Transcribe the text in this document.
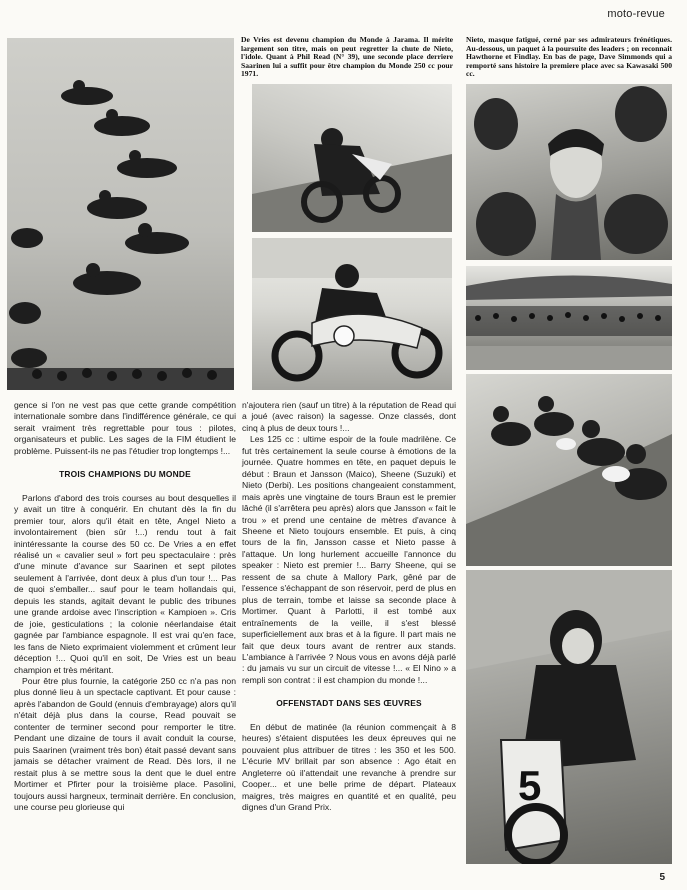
moto-revue
5
De Vries est devenu champion du Monde à Jarama. Il mérite largement son titre, mais on peut regretter la chute de Nieto, l'idole. Quant à Phil Read (N° 39), une seconde place derriere Saarinen lui a suffit pour être champion du Monde 250 cc pour 1971.
Nieto, masque fatigué, cerné par ses admirateurs frénétiques. Au-dessous, un paquet à la poursuite des leaders ; on reconnait Hawthorne et Findlay. En bas de page, Dave Simmonds qui a remporté sans histoire la premiere place avec sa Kawasaki 500 cc.
5

gence si l'on ne vest pas que cette grande compétition internationale sombre dans l'indifférence générale, ce qui serait vraiment très regrettable pour tous : pilotes, organisateurs et public. Les sages de la FIM étudient le problème. Puissent-ils ne pas l'étudier trop longtemps !...

TROIS CHAMPIONS DU MONDE

Parlons d'abord des trois courses au bout desquelles il y avait un titre à conquérir. En chutant dès la fin du premier tour, alors qu'il était en tête, Angel Nieto a involontairement (bien sûr !...) rendu tout à fait inintéressante la course des 50 cc. De Vries a en effet réalisé un « cavalier seul » fort peu spectaculaire : près d'une minute d'avance sur Saarinen et sept pilotes seulement à l'arrivée, dont deux à plus d'un tour !... Pas de quoi s'emballer... sauf pour le team hollandais qui, depuis les stands, agitait devant le public des tribunes une grande ardoise avec l'inscription « Kampioen ». Cris de joie, gesticulations ; la colonie néerlandaise était gagnée par l'ambiance espagnole. Il est vrai qu'en face, les fans de Nieto exprimaient violemment et crûment leur déception !... Quoi qu'il en soit, De Vries est un beau champion et très méritant.

Pour être plus fournie, la catégorie 250 cc n'a pas non plus donné lieu à un spectacle captivant. Et pour cause : après l'abandon de Gould (ennuis d'embrayage) alors qu'il n'était déjà plus dans la course, Read pouvait se contenter de terminer second pour remporter le titre. Pendant une dizaine de tours il avait conduit la course, puis Saarinen (vraiment très bon) était passé devant sans jamais se détacher vraiment de Read. Dès lors, il ne restait plus à se mettre sous la dent que le duel entre Mortimer et Pfirter pour la troisième place. Pasolini, toujours aussi hargneux, terminait derrière. En conclusion, une course peu glorieuse qui

n'ajoutera rien (sauf un titre) à la réputation de Read qui a joué (avec raison) la sagesse. Onze classés, dont cinq à plus de deux tours !...

Les 125 cc : ultime espoir de la foule madrilène. Ce fut très certainement la seule course à émotions de la journée. Quatre hommes en tête, en paquet depuis le début : Braun et Jansson (Maico), Sheene (Suzuki) et Nieto (Derbi). Les positions changeaient constamment, mais après une vingtaine de tours Braun est le premier lâché (il s'arrêtera peu après) alors que Jansson « fait le trou » et prend une centaine de mètres d'avance à Sheene et Nieto toujours ensemble. Et puis, à cinq tours de la fin, Jansson casse et Nieto passe à l'attaque. Un long hurlement accueille l'annonce du speaker : Nieto est premier !... Barry Sheene, qui se ressent de sa chute à Mallory Park, gêné par de l'essence s'échappant de son réservoir, perd de plus en plus de terrain, tombe et laisse sa seconde place à Mortimer. Quant à Parlotti, il est tombé aux entraînements de la veille, il s'est blessé superficiellement aux bras et à la figure. Il part mais ne fait que deux tours avant de rentrer aux stands. L'ambiance à l'arrivée ? Nous vous en avons déjà parlé : du jamais vu sur un circuit de vitesse !... « El Nino » a rempli son contrat : il est champion du monde !...

OFFENSTADT DANS SES ŒUVRES

En début de matinée (la réunion commençait à 8 heures) s'étaient disputées les deux épreuves qui ne pouvaient plus attribuer de titres : les 350 et les 500. L'écurie MV brillait par son absence : Ago était en Angleterre où il'attendait une revanche à prendre sur Cooper... et une belle prime de départ. Plateaux maigres, très maigres en quantité et en qualité, peu dignes d'un Grand Prix.
